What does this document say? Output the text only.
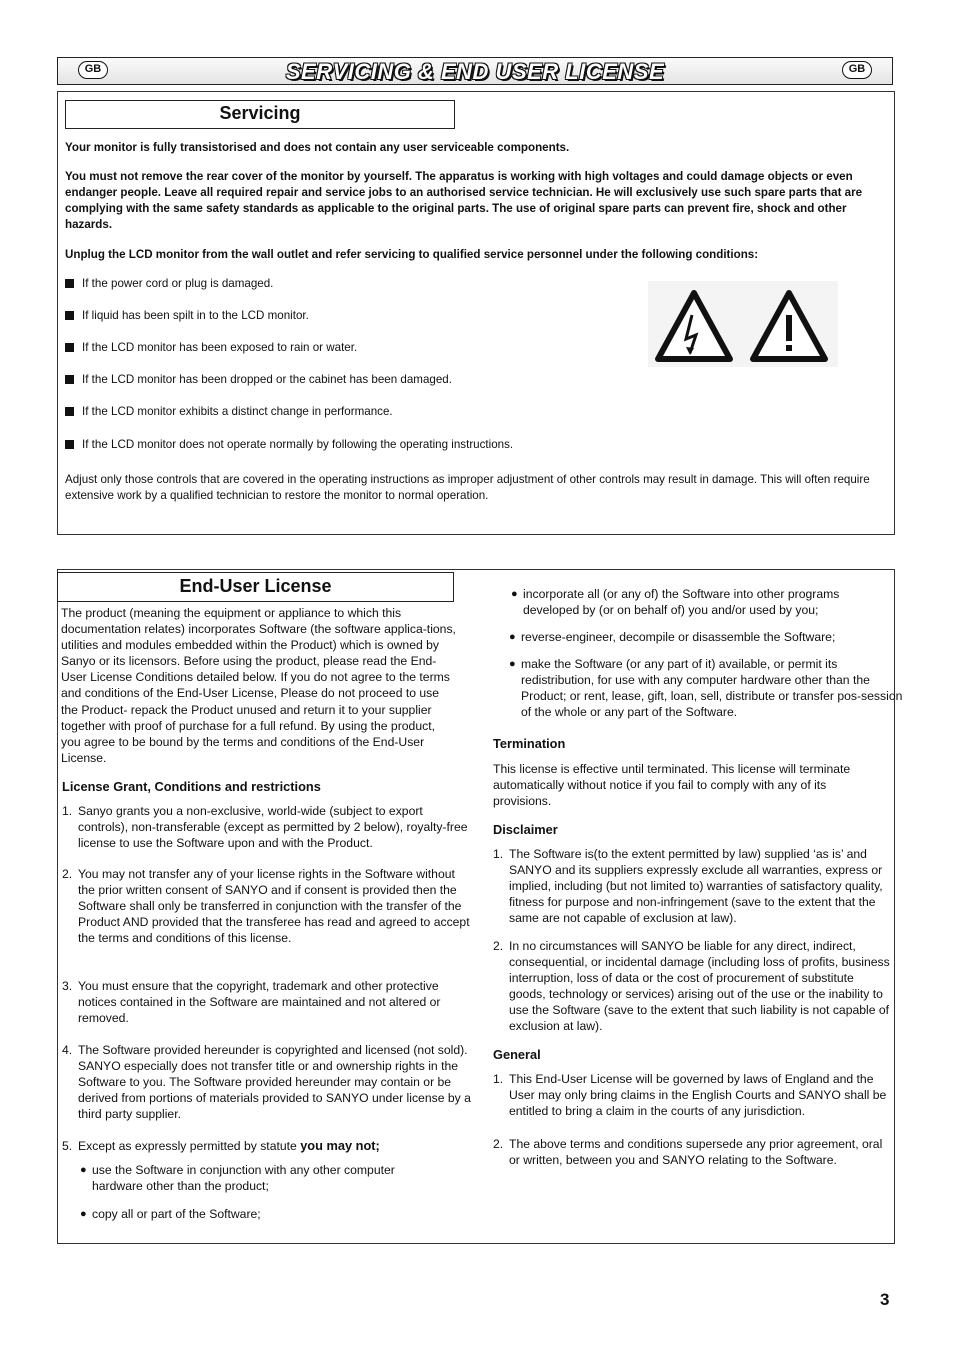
GB	SERVICING & END USER LICENSE	GB
Servicing
Your monitor is fully transistorised and does not contain any user serviceable components.
You must not remove the rear cover of the monitor by yourself. The apparatus is working with high voltages and could damage objects or even endanger people. Leave all required repair and service jobs to an authorised service technician. He will exclusively use such spare parts that are complying with the same safety standards as applicable to the original parts. The use of original spare parts can prevent fire, shock and other hazards.
Unplug the LCD monitor from the wall outlet and refer servicing to qualified service personnel under the following conditions:
If the power cord or plug is damaged.
If liquid has been spilt in to the LCD monitor.
If the LCD monitor has been exposed to rain or water.
If the LCD monitor has been dropped or the cabinet has been damaged.
If the LCD monitor exhibits a distinct change in performance.
If the LCD monitor does not operate normally by following the operating instructions.
Adjust only those controls that are covered in the operating instructions as improper adjustment of other controls may result in damage. This will often require extensive work by a qualified technician to restore the monitor to normal operation.
End-User License
The product (meaning the equipment or appliance to which this documentation relates) incorporates Software (the software applica-tions, utilities and modules embedded within the Product) which is owned by Sanyo or its licensors. Before using the product, please read the End-User License Conditions detailed below. If you do not agree to the terms and conditions of the End-User License, Please do not proceed to use the Product- repack the Product unused and return it to your supplier together with proof of purchase for a full refund. By using the product, you agree to be bound by the terms and conditions of the End-User License.
License Grant, Conditions and restrictions
1. Sanyo grants you a non-exclusive, world-wide (subject to export controls), non-transferable (except as permitted by 2 below), royalty-free license to use the Software upon and with the Product.
2. You may not transfer any of your license rights in the Software without the prior written consent of SANYO and if consent is provided then the Software shall only be transferred in conjunction with the transfer of the Product AND provided that the transferee has read and agreed to accept the terms and conditions of this license.
3. You must ensure that the copyright, trademark and other protective notices contained in the Software are maintained and not altered or removed.
4. The Software provided hereunder is copyrighted and licensed (not sold). SANYO especially does not transfer title or and ownership rights in the Software to you. The Software provided hereunder may contain or be derived from portions of materials provided to SANYO under license by a third party supplier.
5. Except as expressly permitted by statute you may not;
● use the Software in conjunction with any other computer hardware other than the product;
● copy all or part of the Software;
● incorporate all (or any of) the Software into other programs developed by (or on behalf of) you and/or used by you;
● reverse-engineer, decompile or disassemble the Software;
● make the Software (or any part of it) available, or permit its redistribution, for use with any computer hardware other than the Product; or rent, lease, gift, loan, sell, distribute or transfer pos-session of the whole or any part of the Software.
Termination
This license is effective until terminated. This license will terminate automatically without notice if you fail to comply with any of its provisions.
Disclaimer
1. The Software is(to the extent permitted by law) supplied ‘as is’ and SANYO and its suppliers expressly exclude all warranties, express or implied, including (but not limited to) warranties of satisfactory quality, fitness for purpose and non-infringement (save to the extent that the same are not capable of exclusion at law).
2. In no circumstances will SANYO be liable for any direct, indirect, consequential, or incidental damage (including loss of profits, business interruption, loss of data or the cost of procurement of substitute goods, technology or services) arising out of the use or the inability to use the Software (save to the extent that such liability is not capable of exclusion at law).
General
1. This End-User License will be governed by laws of England and the User may only bring claims in the English Courts and SANYO shall be entitled to bring a claim in the courts of any jurisdiction.
2. The above terms and conditions supersede any prior agreement, oral or written, between you and SANYO relating to the Software.
3
